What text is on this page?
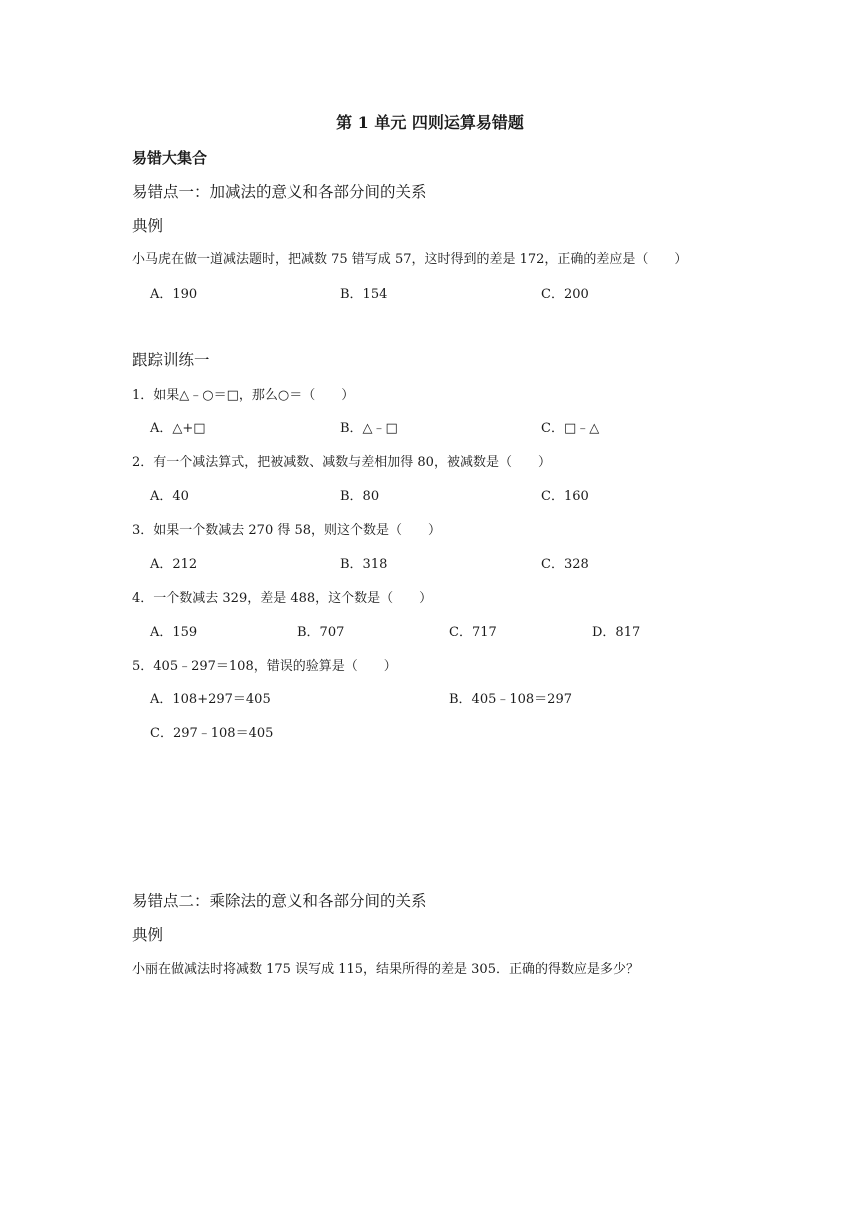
第 1 单元 四则运算易错题
易错大集合
易错点一：加减法的意义和各部分间的关系
典例
小马虎在做一道减法题时，把减数 75 错写成 57，这时得到的差是 172，正确的差应是（　　）
A．190	B．154	C．200
跟踪训练一
1．如果△﹣○＝□，那么○＝（　　）
A．△+□	B．△﹣□	C．□﹣△
2．有一个减法算式，把被减数、减数与差相加得 80，被减数是（　　）
A．40	B．80	C．160
3．如果一个数减去 270 得 58，则这个数是（　　）
A．212	B．318	C．328
4．一个数减去 329，差是 488，这个数是（　　）
A．159	B．707	C．717	D．817
5．405﹣297＝108，错误的验算是（　　）
A．108+297＝405	B．405﹣108＝297
C．297﹣108＝405
易错点二：乘除法的意义和各部分间的关系
典例
小丽在做减法时将减数 175 误写成 115，结果所得的差是 305．正确的得数应是多少？
